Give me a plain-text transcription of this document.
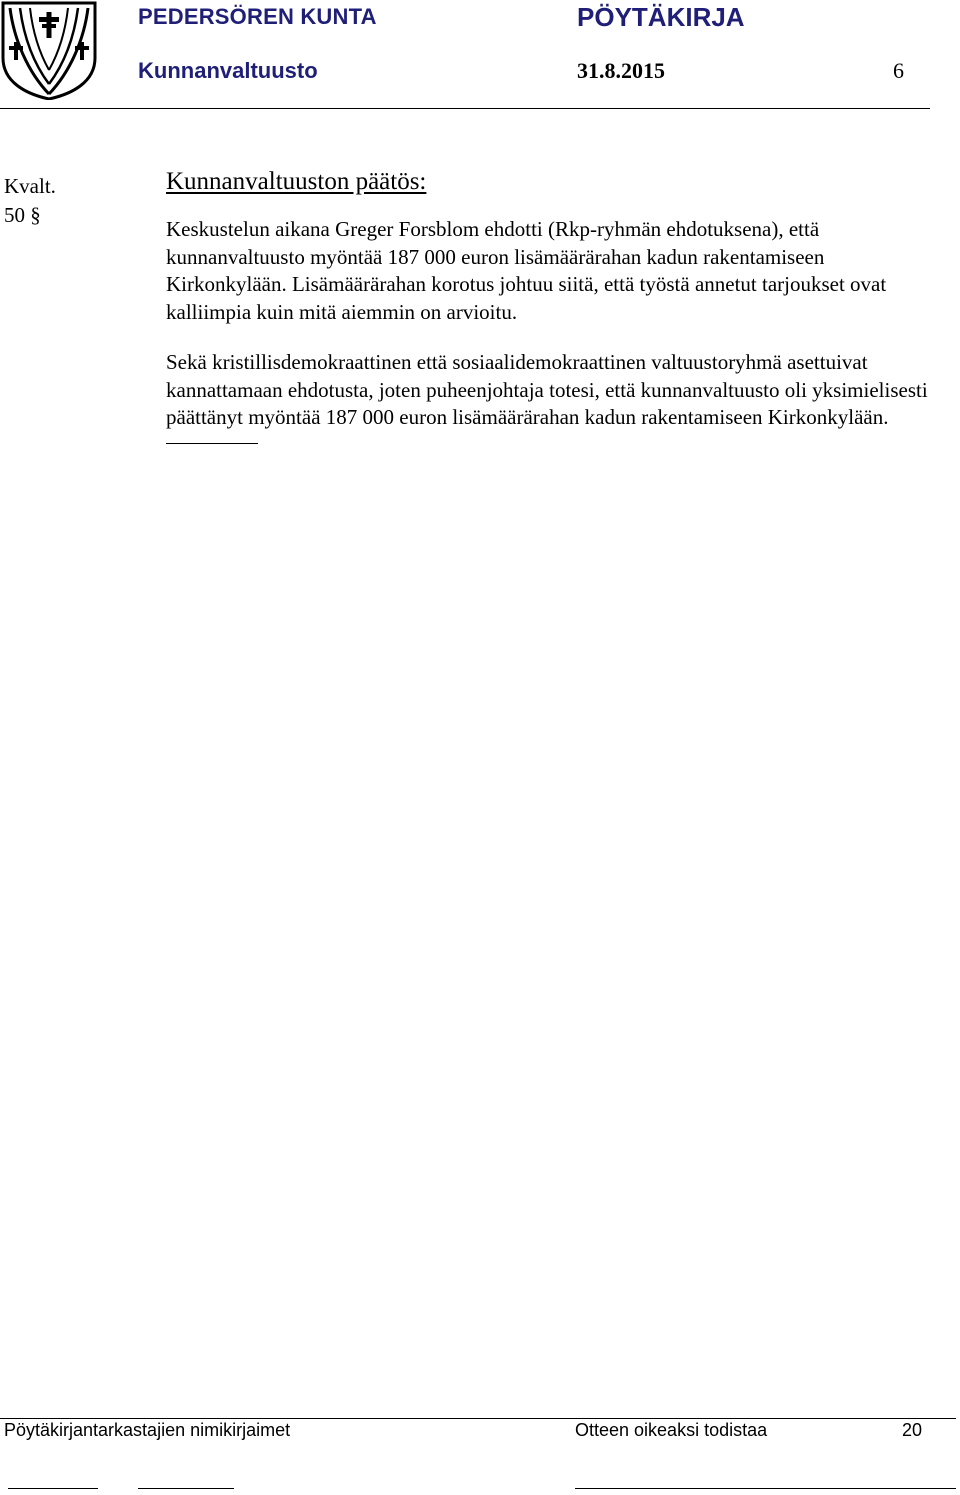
PEDERSÖREN KUNTA	PÖYTÄKIRJA
Kunnanvaltuusto	31.8.2015	6
Kvalt.
50 §
Kunnanvaltuuston päätös:

Keskustelun aikana Greger Forsblom ehdotti (Rkp-ryhmän ehdotuksena), että kunnanvaltuusto myöntää 187 000 euron lisämäärärahan kadun rakentamiseen Kirkonkylään. Lisämäärärahan korotus johtuu siitä, että työstä annetut tarjoukset ovat kalliimpia kuin mitä aiemmin on arvioitu.

Sekä kristillisdemokraattinen että sosiaalidemokraattinen valtuustoryhmä asettuivat kannattamaan ehdotusta, joten puheenjohtaja totesi, että kunnanvaltuusto oli yksimielisesti päättänyt myöntää 187 000 euron lisämäärärahan kadun rakentamiseen Kirkonkylään.

Pöytäkirjantarkastajien nimikirjaimet	Otteen oikeaksi todistaa	20
